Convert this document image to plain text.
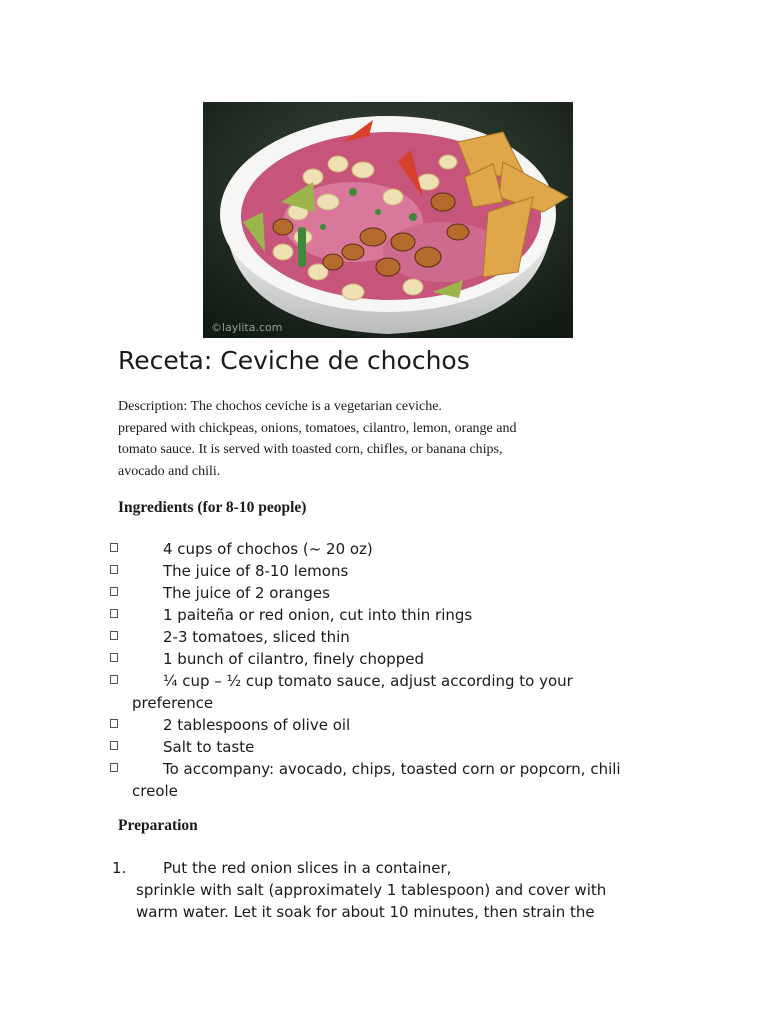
©laylita.com
Receta: Ceviche de chochos
Description: The chochos ceviche is a vegetarian ceviche.
prepared with chickpeas, onions, tomatoes, cilantro, lemon, orange and
tomato sauce. It is served with toasted corn, chifles, or banana chips,
avocado and chili.
Ingredients (for 8-10 people)
4 cups of chochos (~ 20 oz)
The juice of 8-10 lemons
The juice of 2 oranges
1 paiteña or red onion, cut into thin rings
2-3 tomatoes, sliced thin
1 bunch of cilantro, finely chopped
¼ cup – ½ cup tomato sauce, adjust according to your preference
2 tablespoons of olive oil
Salt to taste
To accompany: avocado, chips, toasted corn or popcorn, chili creole
Preparation
1.	Put the red onion slices in a container,
sprinkle with salt (approximately 1 tablespoon) and cover with
warm water. Let it soak for about 10 minutes, then strain the
